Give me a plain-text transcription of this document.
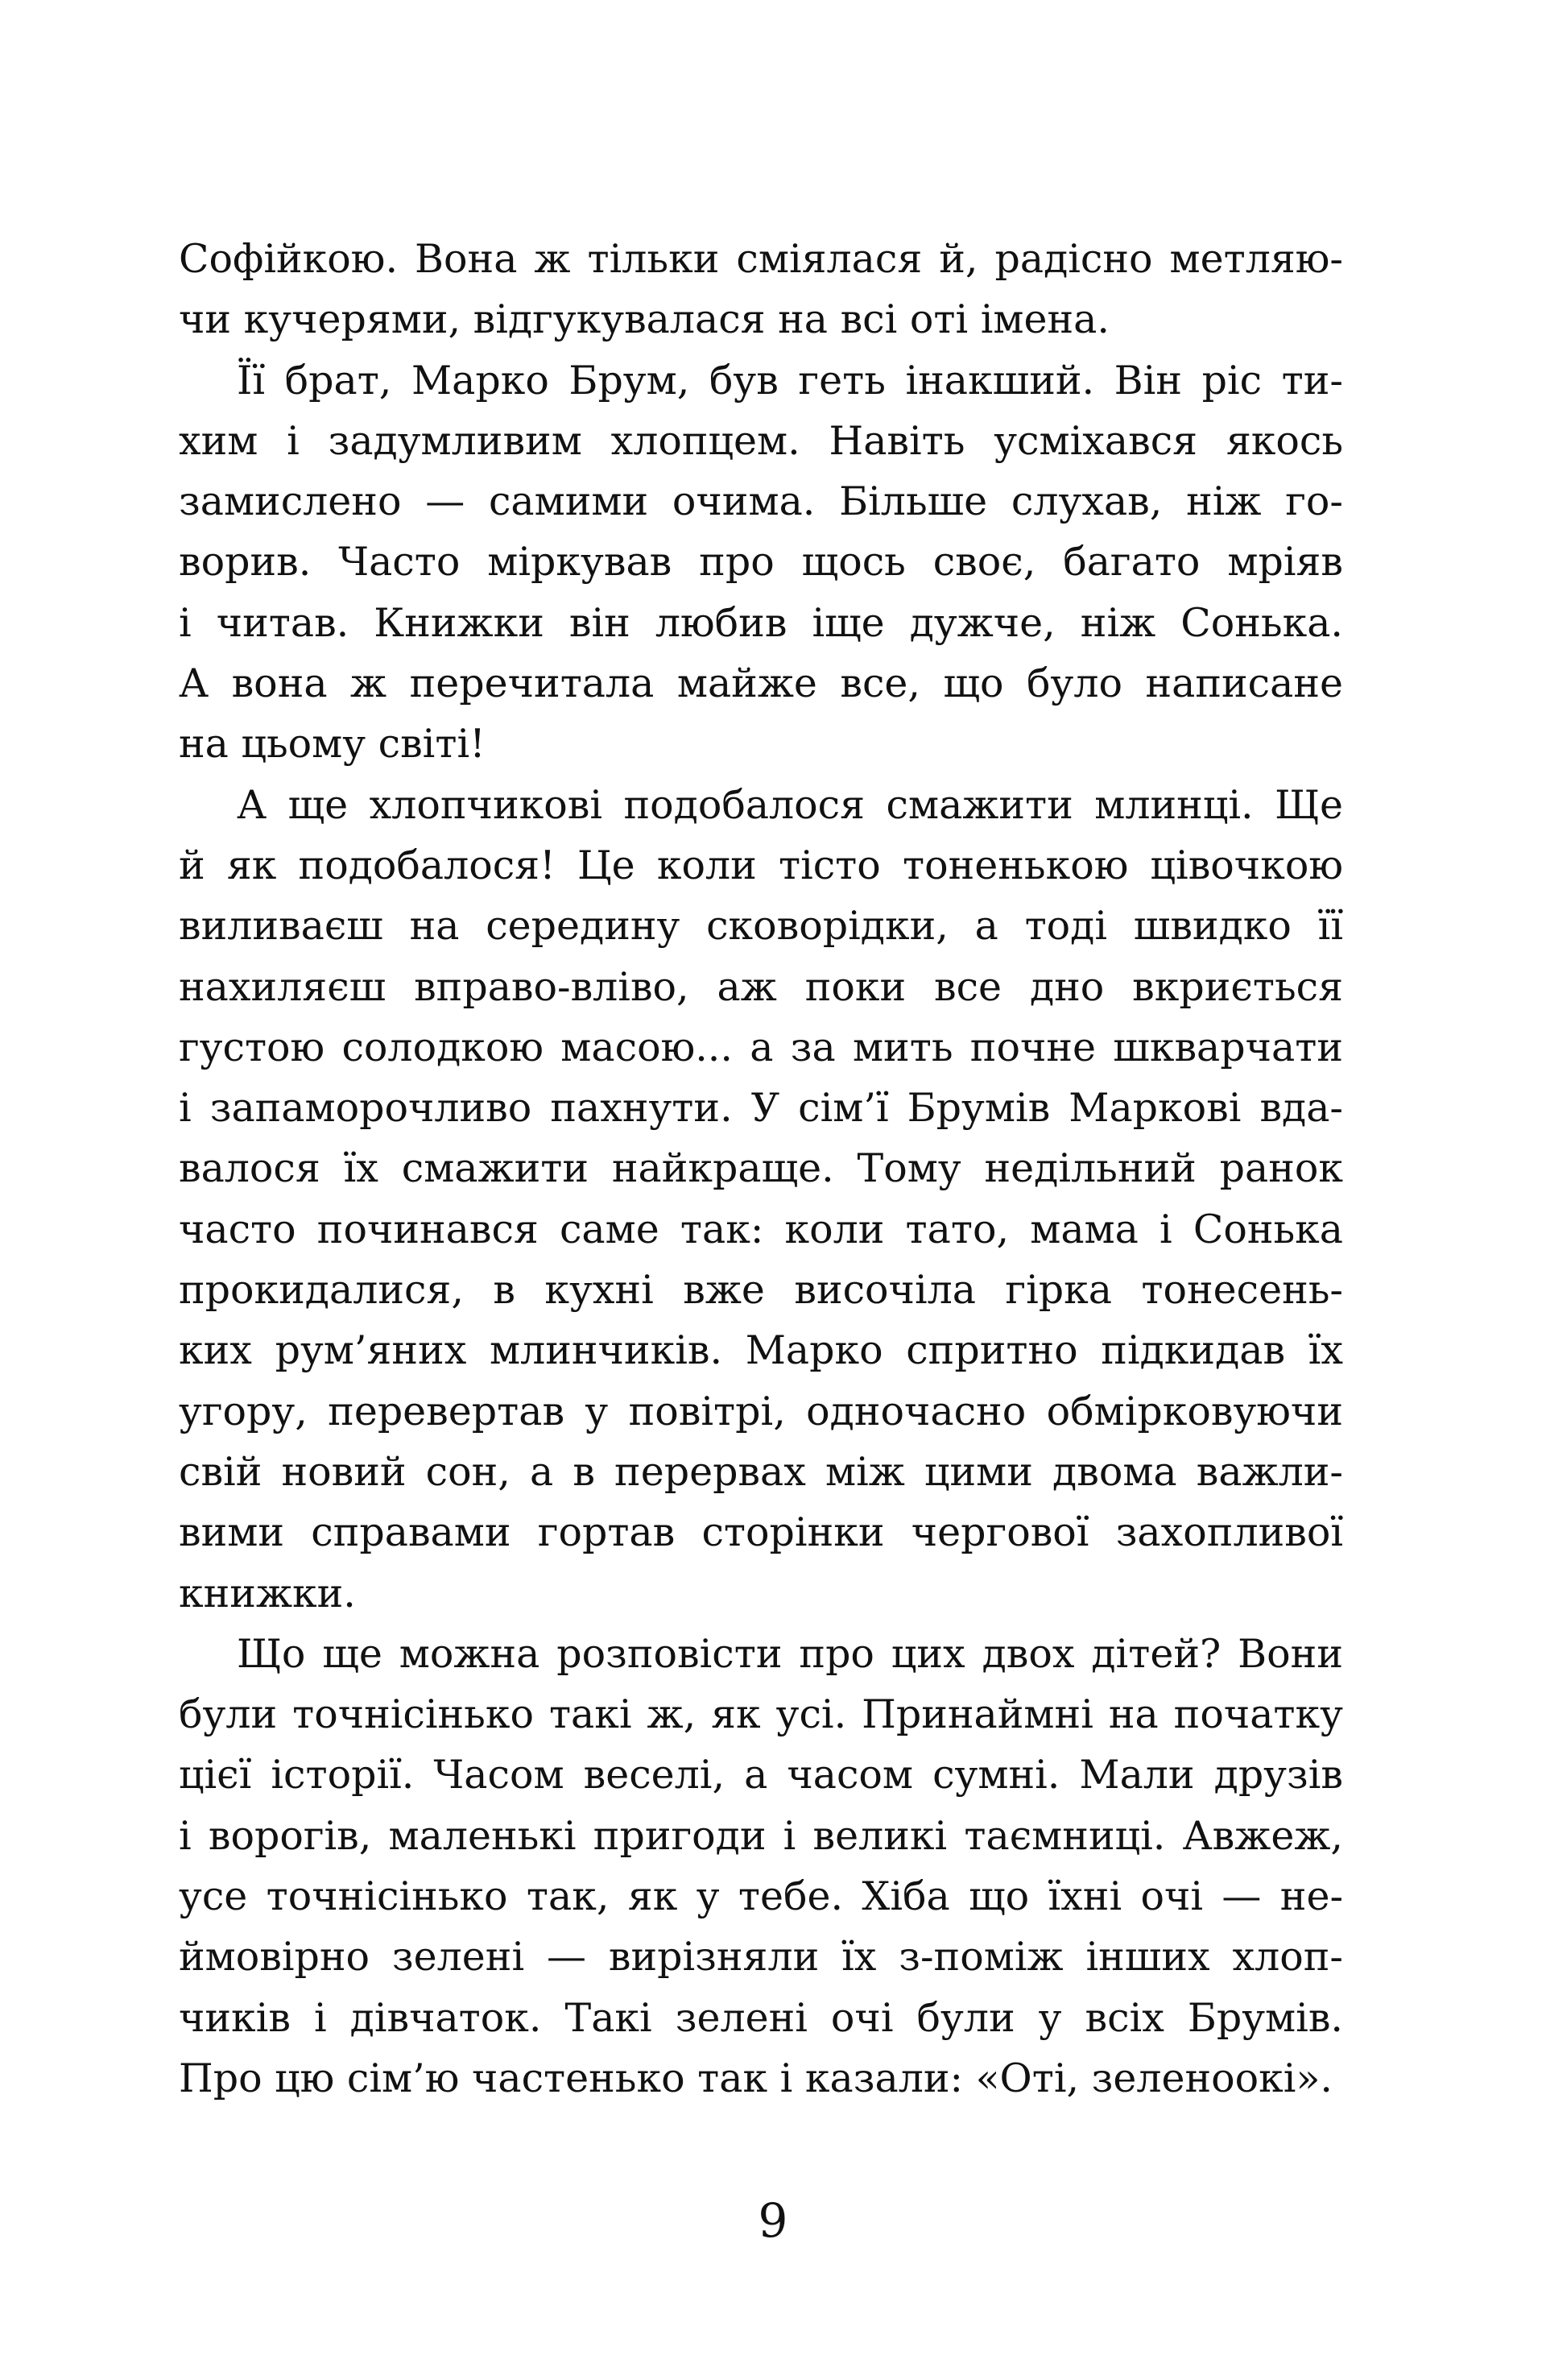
Софійкою. Вона ж тільки сміялася й, радісно метляю-
чи кучерями, відгукувалася на всі оті імена.
Її брат, Марко Брум, був геть інакший. Він ріс ти-
хим і задумливим хлопцем. Навіть усміхався якось
замислено — самими очима. Більше слухав, ніж го-
ворив. Часто міркував про щось своє, багато мріяв
і читав. Книжки він любив іще дужче, ніж Сонька.
А вона ж перечитала майже все, що було написане
на цьому світі!
А ще хлопчикові подобалося смажити млинці. Ще
й як подобалося! Це коли тісто тоненькою цівочкою
виливаєш на середину сковорідки, а тоді швидко її
нахиляєш вправо-вліво, аж поки все дно вкриється
густою солодкою масою... а за мить почне шкварчати
і запаморочливо пахнути. У сім’ї Брумів Маркові вда-
валося їх смажити найкраще. Тому недільний ранок
часто починався саме так: коли тато, мама і Сонька
прокидалися, в кухні вже височіла гірка тонесень-
ких рум’яних млинчиків. Марко спритно підкидав їх
угору, перевертав у повітрі, одночасно обмірковуючи
свій новий сон, а в перервах між цими двома важли-
вими справами гортав сторінки чергової захопливої
книжки.
Що ще можна розповісти про цих двох дітей? Вони
були точнісінько такі ж, як усі. Принаймні на початку
цієї історії. Часом веселі, а часом сумні. Мали друзів
і ворогів, маленькі пригоди і великі таємниці. Авжеж,
усе точнісінько так, як у тебе. Хіба що їхні очі — не-
ймовірно зелені — вирізняли їх з-поміж інших хлоп-
чиків і дівчаток. Такі зелені очі були у всіх Брумів.
Про цю сім’ю частенько так і казали: «Оті, зеленоокі».
9
